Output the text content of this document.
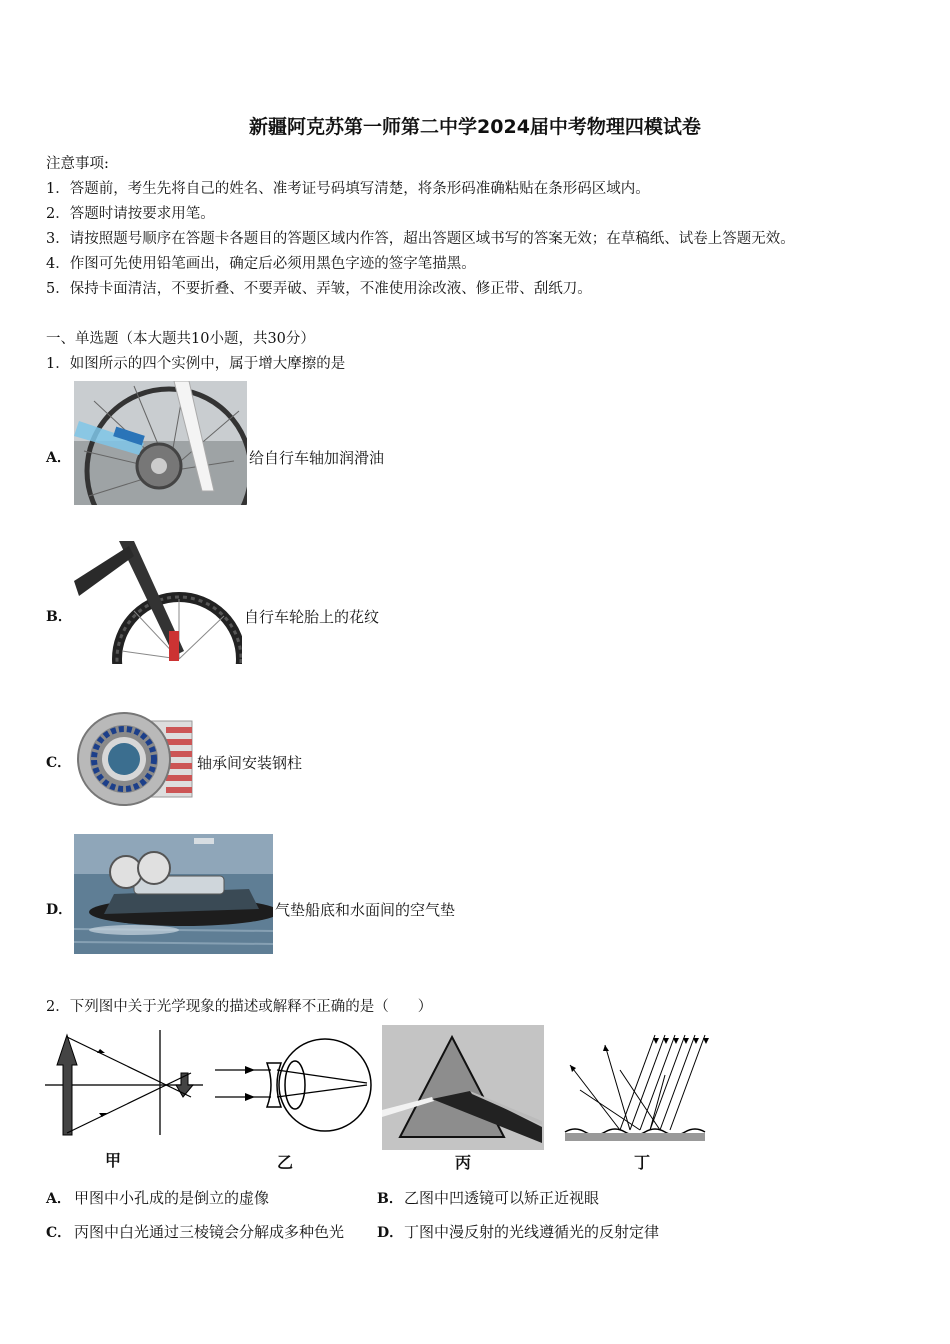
新疆阿克苏第一师第二中学2024届中考物理四模试卷
注意事项:
1．答题前，考生先将自己的姓名、准考证号码填写清楚，将条形码准确粘贴在条形码区域内。
2．答题时请按要求用笔。
3．请按照题号顺序在答题卡各题目的答题区域内作答，超出答题区域书写的答案无效；在草稿纸、试卷上答题无效。
4．作图可先使用铅笔画出，确定后必须用黑色字迹的签字笔描黑。
5．保持卡面清洁，不要折叠、不要弄破、弄皱，不准使用涂改液、修正带、刮纸刀。
一、单选题（本大题共10小题，共30分）
1．如图所示的四个实例中，属于增大摩擦的是
A．	给自行车轴加润滑油
B．	自行车轮胎上的花纹
C．	轴承间安装钢柱
D．	气垫船底和水面间的空气垫
2．下列图中关于光学现象的描述或解释不正确的是（　　）
甲	乙	丙	丁
A． 甲图中小孔成的是倒立的虚像	B． 乙图中凹透镜可以矫正近视眼
C． 丙图中白光通过三棱镜会分解成多种色光 D． 丁图中漫反射的光线遵循光的反射定律
